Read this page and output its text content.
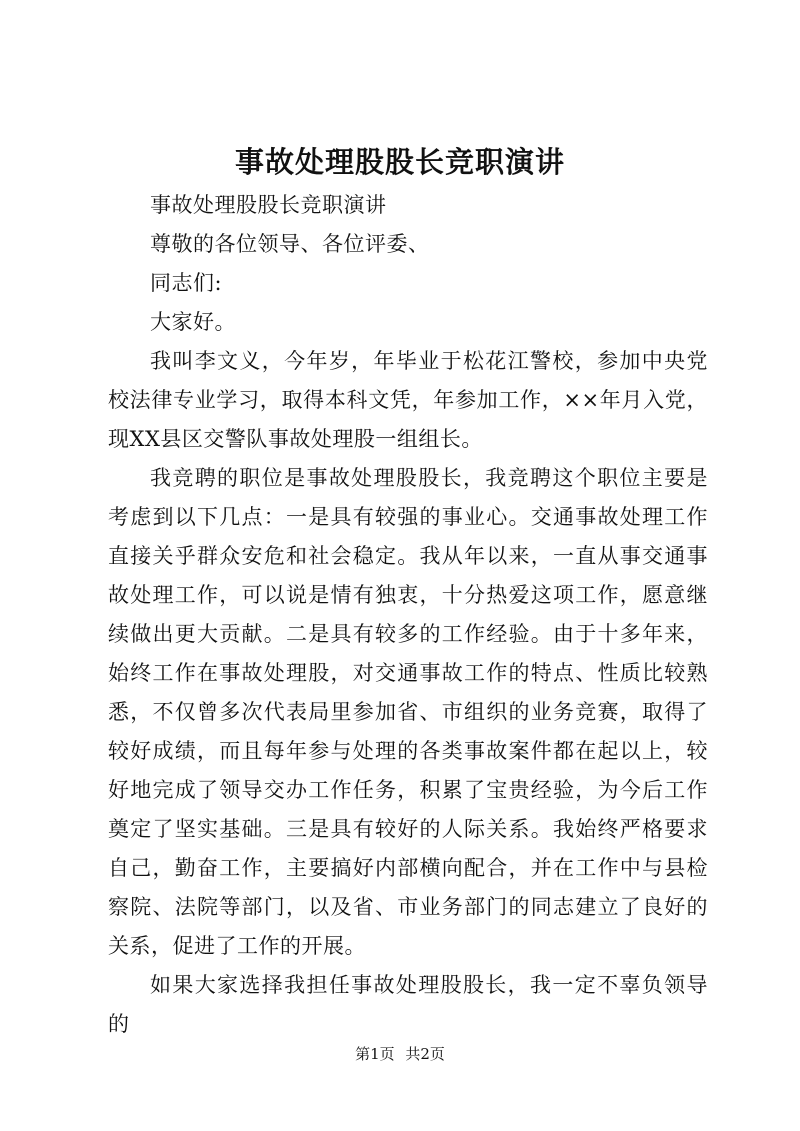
事故处理股股长竞职演讲

事故处理股股长竞职演讲

尊敬的各位领导、各位评委、

同志们:

大家好。

我叫李文义，今年岁，年毕业于松花江警校，参加中央党校法律专业学习，取得本科文凭，年参加工作，××年月入党，现XX县区交警队事故处理股一组组长。

我竞聘的职位是事故处理股股长，我竞聘这个职位主要是考虑到以下几点：一是具有较强的事业心。交通事故处理工作直接关乎群众安危和社会稳定。我从年以来，一直从事交通事故处理工作，可以说是情有独衷，十分热爱这项工作，愿意继续做出更大贡献。二是具有较多的工作经验。由于十多年来，始终工作在事故处理股，对交通事故工作的特点、性质比较熟悉，不仅曾多次代表局里参加省、市组织的业务竞赛，取得了较好成绩，而且每年参与处理的各类事故案件都在起以上，较好地完成了领导交办工作任务，积累了宝贵经验，为今后工作奠定了坚实基础。三是具有较好的人际关系。我始终严格要求自己，勤奋工作，主要搞好内部横向配合，并在工作中与县检察院、法院等部门，以及省、市业务部门的同志建立了良好的关系，促进了工作的开展。

如果大家选择我担任事故处理股股长，我一定不辜负领导的

第1页 共2页
